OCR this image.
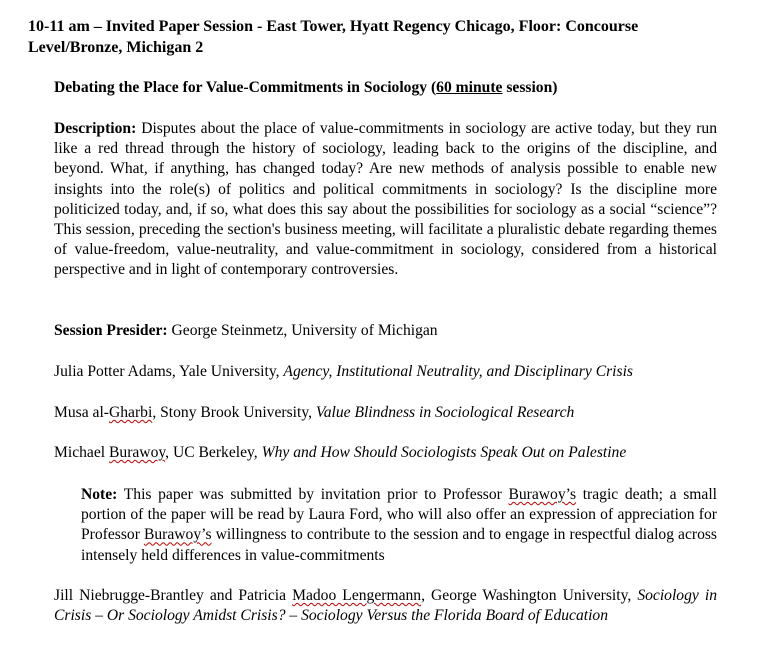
10-11 am – Invited Paper Session - East Tower, Hyatt Regency Chicago, Floor: Concourse Level/Bronze, Michigan 2
Debating the Place for Value-Commitments in Sociology (60 minute session)
Description: Disputes about the place of value-commitments in sociology are active today, but they run like a red thread through the history of sociology, leading back to the origins of the discipline, and beyond. What, if anything, has changed today? Are new methods of analysis possible to enable new insights into the role(s) of politics and political commitments in sociology? Is the discipline more politicized today, and, if so, what does this say about the possibilities for sociology as a social “science”? This session, preceding the section's business meeting, will facilitate a pluralistic debate regarding themes of value-freedom, value-neutrality, and value-commitment in sociology, considered from a historical perspective and in light of contemporary controversies.
Session Presider: George Steinmetz, University of Michigan
Julia Potter Adams, Yale University, Agency, Institutional Neutrality, and Disciplinary Crisis
Musa al-Gharbi, Stony Brook University, Value Blindness in Sociological Research
Michael Burawoy, UC Berkeley, Why and How Should Sociologists Speak Out on Palestine
Note: This paper was submitted by invitation prior to Professor Burawoy’s tragic death; a small portion of the paper will be read by Laura Ford, who will also offer an expression of appreciation for Professor Burawoy’s willingness to contribute to the session and to engage in respectful dialog across intensely held differences in value-commitments
Jill Niebrugge-Brantley and Patricia Madoo Lengermann, George Washington University, Sociology in Crisis – Or Sociology Amidst Crisis? – Sociology Versus the Florida Board of Education
